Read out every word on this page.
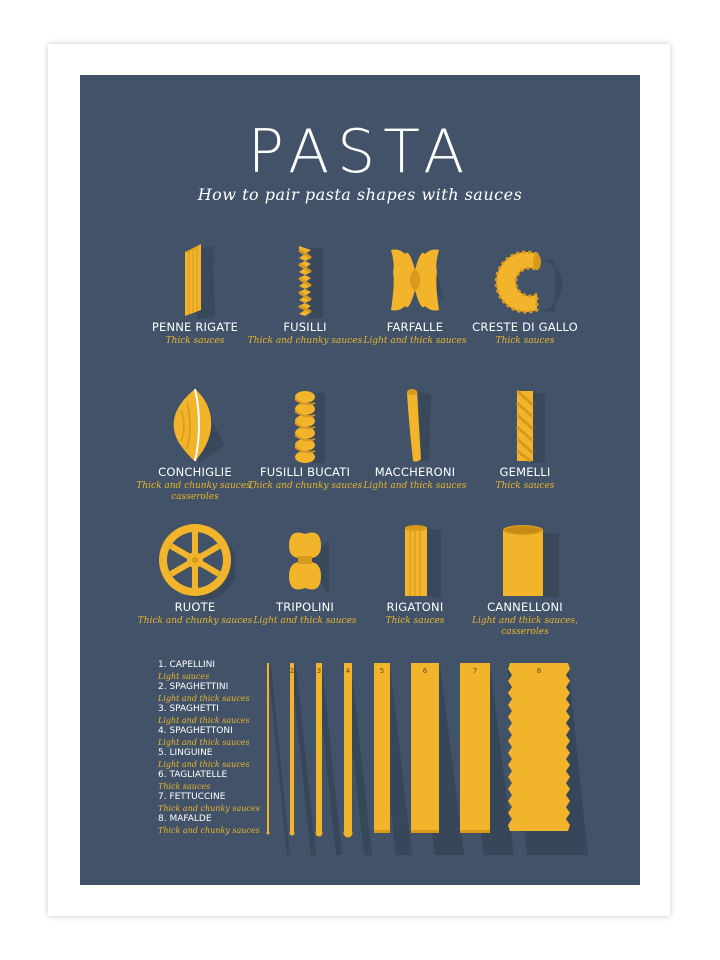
PASTA
How to pair pasta shapes with sauces
PENNE RIGATE
Thick sauces
FUSILLI
Thick and chunky sauces
FARFALLE
Light and thick sauces
CRESTE DI GALLO
Thick sauces
CONCHIGLIE
Thick and chunky sauces, casseroles
FUSILLI BUCATI
Thick and chunky sauces
MACCHERONI
Light and thick sauces
GEMELLI
Thick sauces
RUOTE
Thick and chunky sauces
TRIPOLINI
Light and thick sauces
RIGATONI
Thick sauces
CANNELLONI
Light and thick sauces, casseroles
1. CAPELLINI
Light sauces
2. SPAGHETTINI
Light and thick sauces
3. SPAGHETTI
Light and thick sauces
4. SPAGHETTONI
Light and thick sauces
5. LINGUINE
Light and thick sauces
6. TAGLIATELLE
Thick sauces
7. FETTUCCINE
Thick and chunky sauces
8. MAFALDE
Thick and chunky sauces
2	3	4	5	6	7	8
